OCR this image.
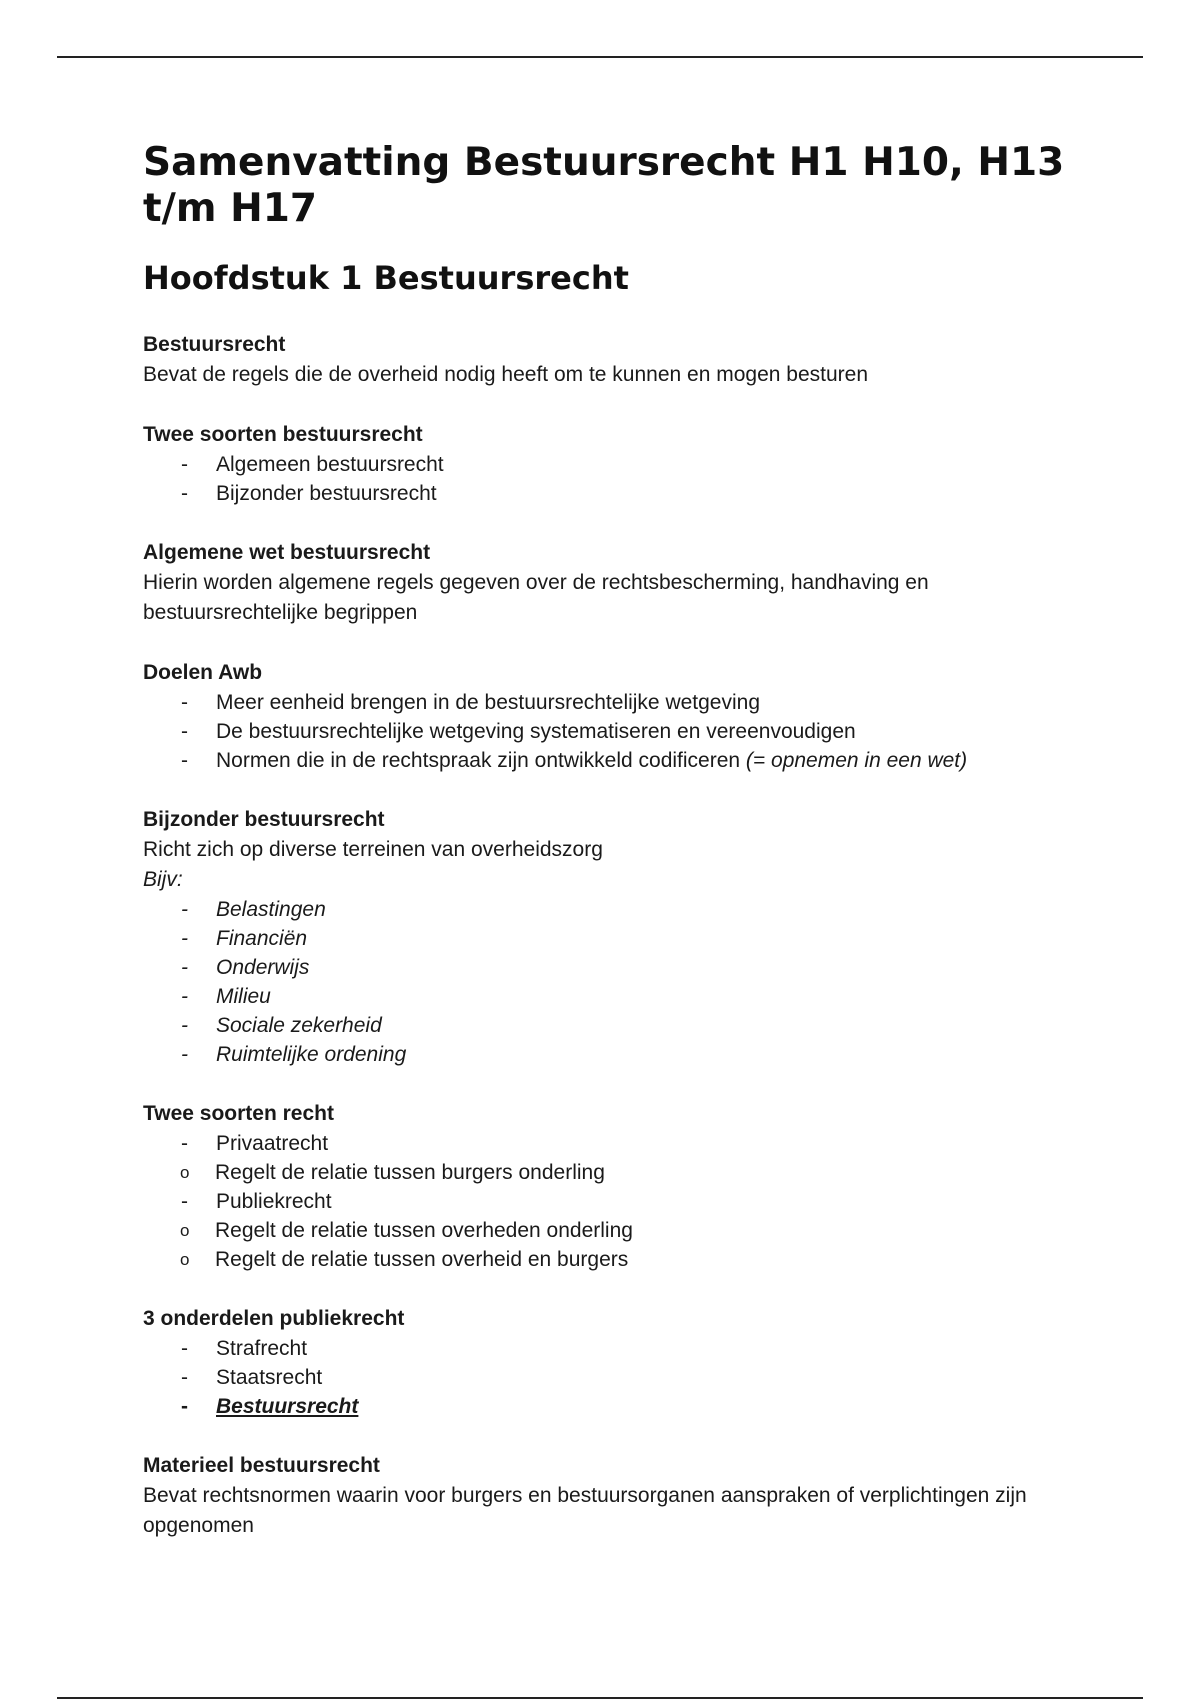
Samenvatting Bestuursrecht H1 H10, H13 t/m H17
Hoofdstuk 1 Bestuursrecht
Bestuursrecht
Bevat de regels die de overheid nodig heeft om te kunnen en mogen besturen
Twee soorten bestuursrecht
- Algemeen bestuursrecht
- Bijzonder bestuursrecht
Algemene wet bestuursrecht
Hierin worden algemene regels gegeven over de rechtsbescherming, handhaving en bestuursrechtelijke begrippen
Doelen Awb
- Meer eenheid brengen in de bestuursrechtelijke wetgeving
- De bestuursrechtelijke wetgeving systematiseren en vereenvoudigen
- Normen die in de rechtspraak zijn ontwikkeld codificeren (= opnemen in een wet)
Bijzonder bestuursrecht
Richt zich op diverse terreinen van overheidszorg
Bijv:
- Belastingen
- Financiën
- Onderwijs
- Milieu
- Sociale zekerheid
- Ruimtelijke ordening
Twee soorten recht
- Privaatrecht
o Regelt de relatie tussen burgers onderling
- Publiekrecht
o Regelt de relatie tussen overheden onderling
o Regelt de relatie tussen overheid en burgers
3 onderdelen publiekrecht
- Strafrecht
- Staatsrecht
- Bestuursrecht
Materieel bestuursrecht
Bevat rechtsnormen waarin voor burgers en bestuursorganen aanspraken of verplichtingen zijn opgenomen
